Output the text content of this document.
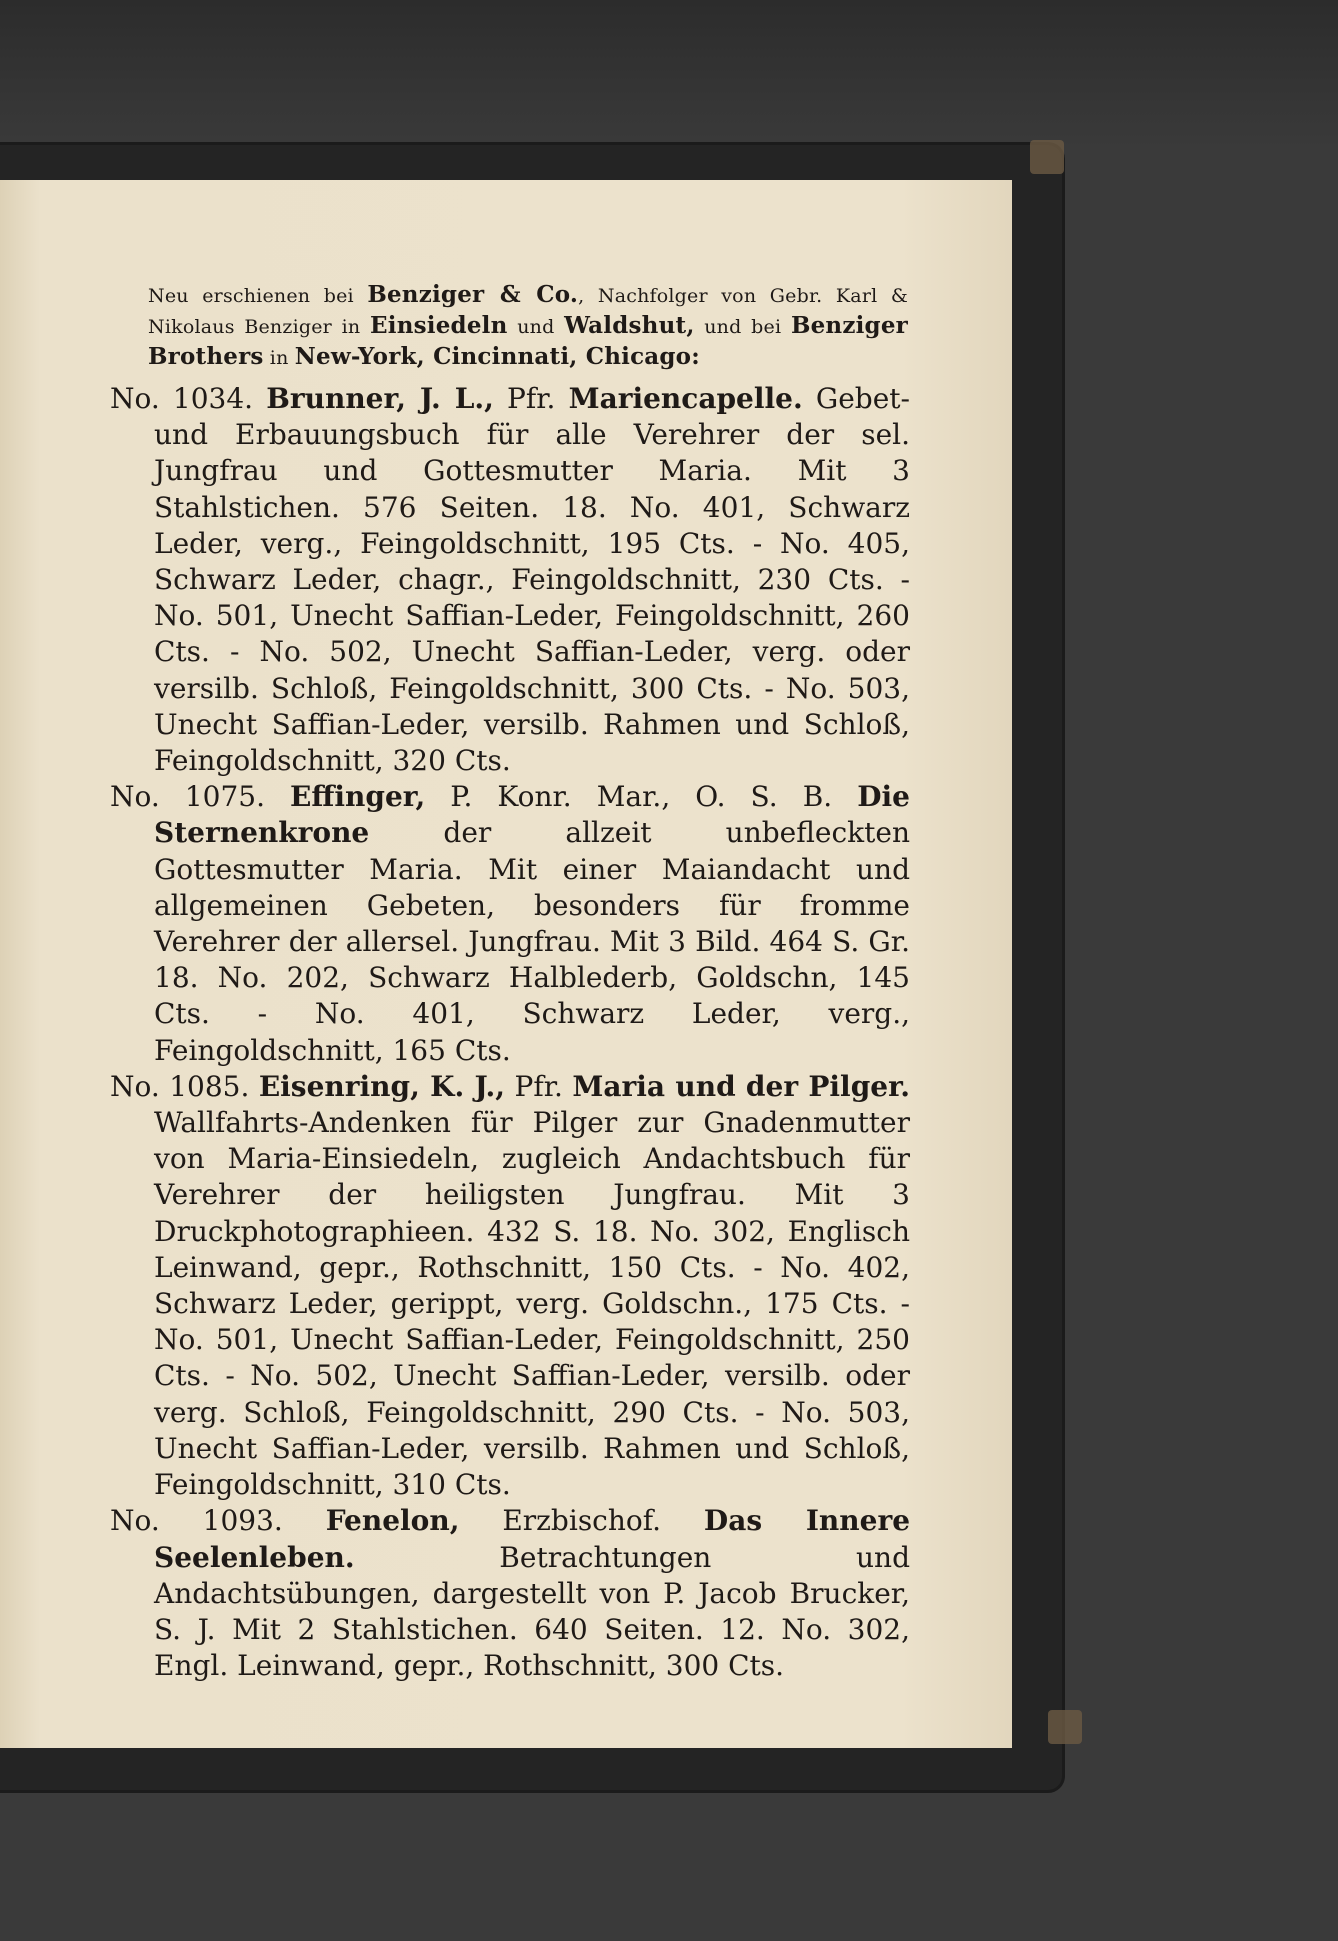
Neu erschienen bei Benziger & Co., Nachfolger von Gebr. Karl & Nikolaus Benziger in Einsiedeln und Waldshut, und bei Benziger Brothers in New-York, Cincinnati, Chicago:
No. 1034. Brunner, J. L., Pfr. Mariencapelle. Gebet- und Erbauungsbuch für alle Verehrer der sel. Jungfrau und Gottesmutter Maria. Mit 3 Stahlstichen. 576 Seiten. 18. No. 401, Schwarz Leder, verg., Feingoldschnitt, 195 Cts. - No. 405, Schwarz Leder, chagr., Feingoldschnitt, 230 Cts. - No. 501, Unecht Saffian-Leder, Feingoldschnitt, 260 Cts. - No. 502, Unecht Saffian-Leder, verg. oder versilb. Schloß, Feingoldschnitt, 300 Cts. - No. 503, Unecht Saffian-Leder, versilb. Rahmen und Schloß, Feingoldschnitt, 320 Cts.
No. 1075. Effinger, P. Konr. Mar., O. S. B. Die Sternenkrone	der allzeit unbefleckten Gottesmutter Maria. Mit einer Maiandacht und allgemeinen Gebeten, besonders für fromme Verehrer der allersel. Jungfrau. Mit 3 Bild. 464 S. Gr. 18. No. 202, Schwarz Halblederb, Goldschn, 145 Cts. - No. 401, Schwarz Leder, verg., Feingoldschnitt, 165 Cts.
No. 1085. Eisenring, K. J., Pfr. Maria und der Pilger. Wallfahrts-Andenken für Pilger zur Gnadenmutter von Maria-Einsiedeln, zugleich Andachtsbuch für Verehrer der heiligsten Jungfrau. Mit 3 Druckphotographieen. 432 S. 18. No. 302, Englisch Leinwand, gepr., Rothschnitt, 150 Cts. - No. 402, Schwarz Leder, gerippt, verg. Goldschn., 175 Cts. - No. 501, Unecht Saffian-Leder, Feingoldschnitt, 250 Cts. - No. 502, Unecht Saffian-Leder, versilb. oder verg. Schloß, Feingoldschnitt, 290 Cts. - No. 503, Unecht Saffian-Leder, versilb. Rahmen und Schloß, Feingoldschnitt, 310 Cts.
No. 1093. Fenelon, Erzbischof. Das Innere Seelenleben.	Betrachtungen und Andachtsübungen, dargestellt von P. Jacob Brucker, S. J. Mit 2 Stahlstichen. 640 Seiten. 12. No. 302, Engl. Leinwand, gepr., Rothschnitt, 300 Cts.
